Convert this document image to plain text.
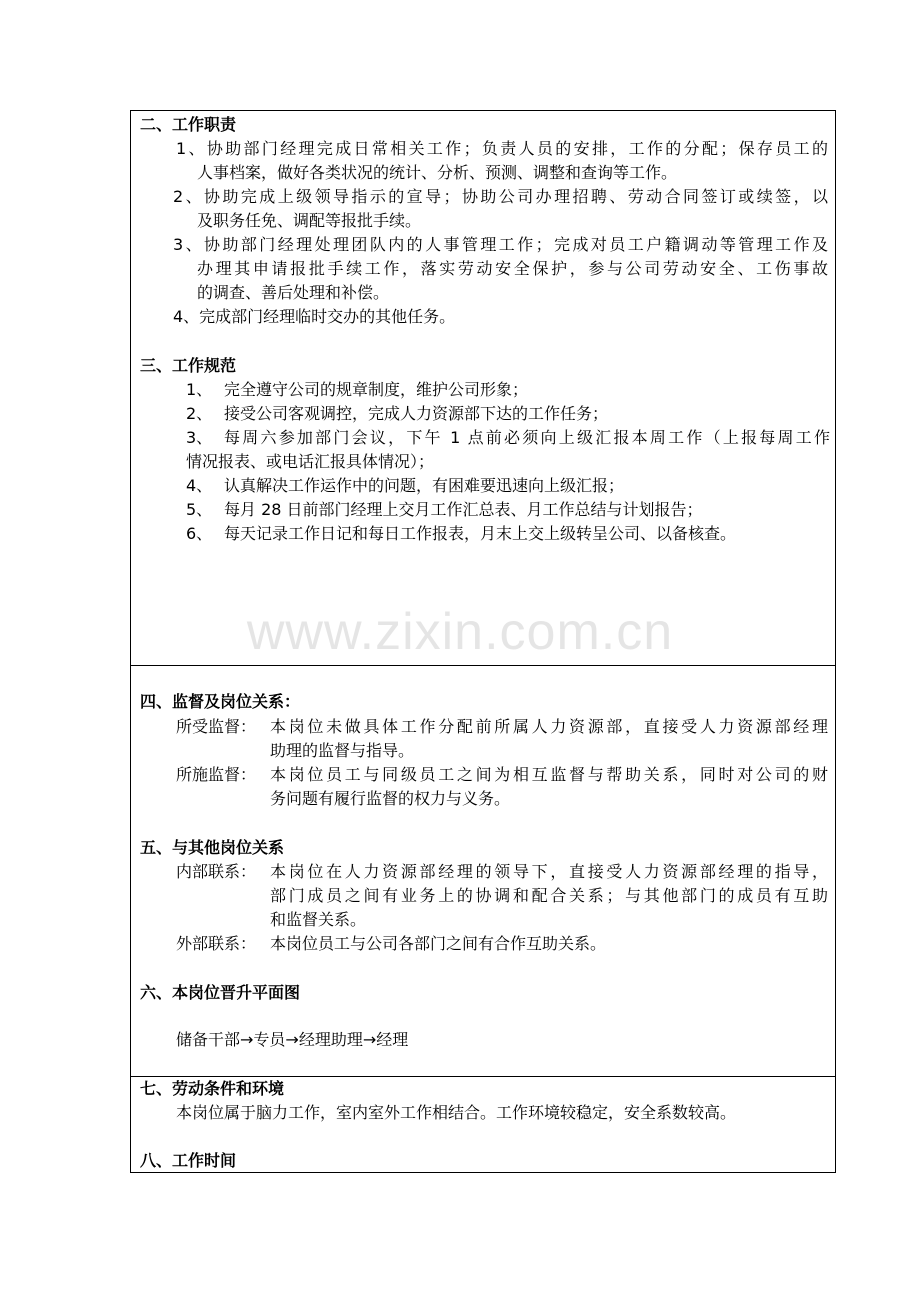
www.zixin.com.cn
二、工作职责
1、协助部门经理完成日常相关工作；负责人员的安排，工作的分配；保存员工的
人事档案，做好各类状况的统计、分析、预测、调整和查询等工作。
2、协助完成上级领导指示的宣导；协助公司办理招聘、劳动合同签订或续签，以
及职务任免、调配等报批手续。
3、协助部门经理处理团队内的人事管理工作；完成对员工户籍调动等管理工作及
办理其申请报批手续工作，落实劳动安全保护，参与公司劳动安全、工伤事故
的调查、善后处理和补偿。
4、完成部门经理临时交办的其他任务。
三、工作规范
1、 完全遵守公司的规章制度，维护公司形象；
2、 接受公司客观调控，完成人力资源部下达的工作任务；
3、 每周六参加部门会议，下午 1 点前必须向上级汇报本周工作（上报每周工作
情况报表、或电话汇报具体情况）；
4、 认真解决工作运作中的问题，有困难要迅速向上级汇报；
5、 每月 28 日前部门经理上交月工作汇总表、月工作总结与计划报告；
6、 每天记录工作日记和每日工作报表，月末上交上级转呈公司、以备核查。
四、监督及岗位关系：
所受监督： 本岗位未做具体工作分配前所属人力资源部，直接受人力资源部经理
助理的监督与指导。
所施监督： 本岗位员工与同级员工之间为相互监督与帮助关系，同时对公司的财
务问题有履行监督的权力与义务。
五、与其他岗位关系
内部联系： 本岗位在人力资源部经理的领导下，直接受人力资源部经理的指导，
部门成员之间有业务上的协调和配合关系；与其他部门的成员有互助
和监督关系。
外部联系： 本岗位员工与公司各部门之间有合作互助关系。
六、本岗位晋升平面图
储备干部→专员→经理助理→经理
七、劳动条件和环境
本岗位属于脑力工作，室内室外工作相结合。工作环境较稳定，安全系数较高。
八、工作时间
